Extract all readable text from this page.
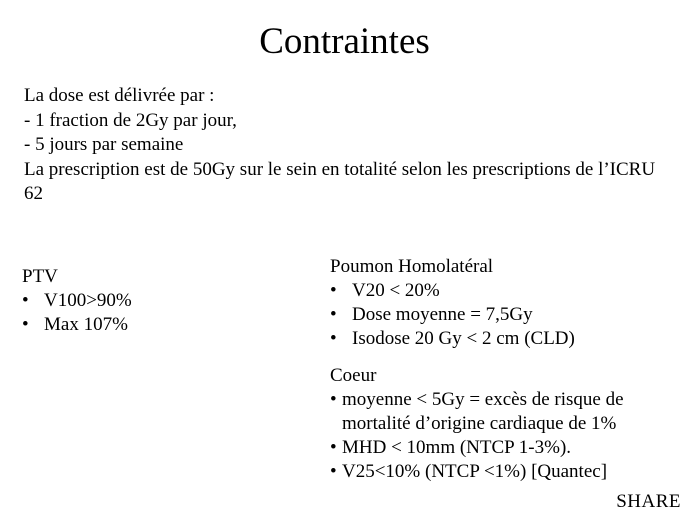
Contraintes
La dose est délivrée par :
- 1 fraction de 2Gy par jour,
- 5 jours par semaine
La prescription est de 50Gy sur le sein en totalité selon les prescriptions de l’ICRU 62
PTV
• V100>90%
• Max 107%
Poumon Homolatéral
• V20 < 20%
• Dose moyenne = 7,5Gy
• Isodose 20 Gy < 2 cm (CLD)
Coeur
• moyenne < 5Gy = excès de risque de mortalité d’origine cardiaque de 1%
• MHD < 10mm (NTCP 1-3%).
• V25<10% (NTCP <1%) [Quantec]
SHARE
